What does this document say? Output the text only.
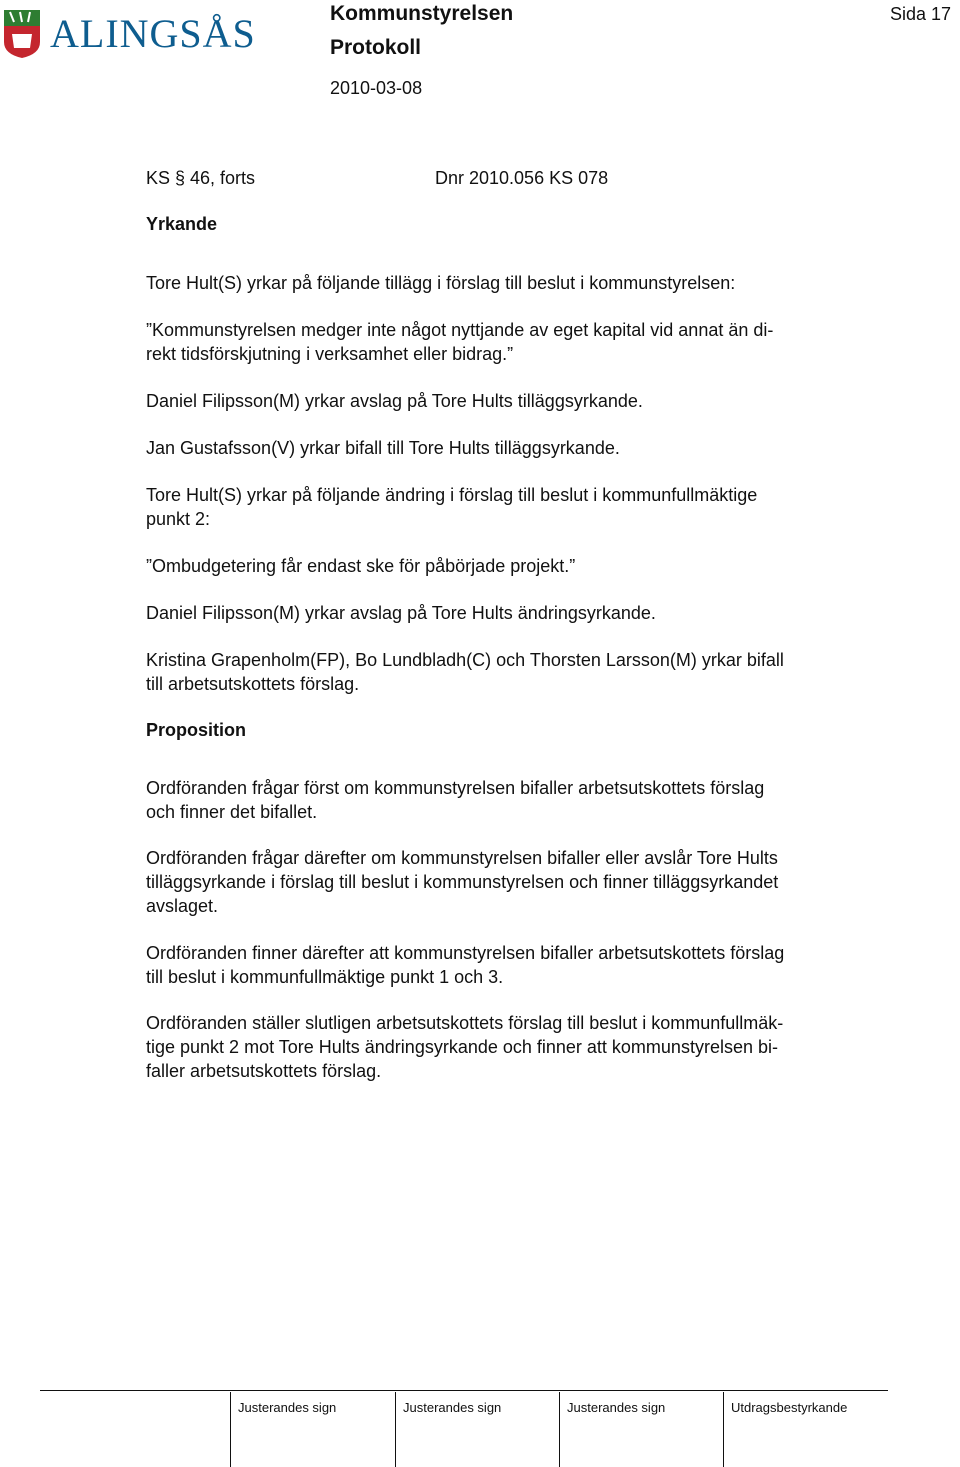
ALINGSÅS	Kommunstyrelsen
Protokoll
2010-03-08
Sida 17
KS § 46, forts	Dnr 2010.056 KS 078
Yrkande
Tore Hult(S) yrkar på följande tillägg i förslag till beslut i kommunstyrelsen:
”Kommunstyrelsen medger inte något nyttjande av eget kapital vid annat än di-
rekt tidsförskjutning i verksamhet eller bidrag.”
Daniel Filipsson(M) yrkar avslag på Tore Hults tilläggsyrkande.
Jan Gustafsson(V) yrkar bifall till Tore Hults tilläggsyrkande.
Tore Hult(S) yrkar på följande ändring i förslag till beslut i kommunfullmäktige
punkt 2:
”Ombudgetering får endast ske för påbörjade projekt.”
Daniel Filipsson(M) yrkar avslag på Tore Hults ändringsyrkande.
Kristina Grapenholm(FP), Bo Lundbladh(C) och Thorsten Larsson(M) yrkar bifall
till arbetsutskottets förslag.
Proposition
Ordföranden frågar först om kommunstyrelsen bifaller arbetsutskottets förslag
och finner det bifallet.
Ordföranden frågar därefter om kommunstyrelsen bifaller eller avslår Tore Hults
tilläggsyrkande i förslag till beslut i kommunstyrelsen och finner tilläggsyrkandet
avslaget.
Ordföranden finner därefter att kommunstyrelsen bifaller arbetsutskottets förslag
till beslut i kommunfullmäktige punkt 1 och 3.
Ordföranden ställer slutligen arbetsutskottets förslag till beslut i kommunfullmäk-
tige punkt 2 mot Tore Hults ändringsyrkande och finner att kommunstyrelsen bi-
faller arbetsutskottets förslag.
Justerandes sign	Justerandes sign	Justerandes sign	Utdragsbestyrkande
